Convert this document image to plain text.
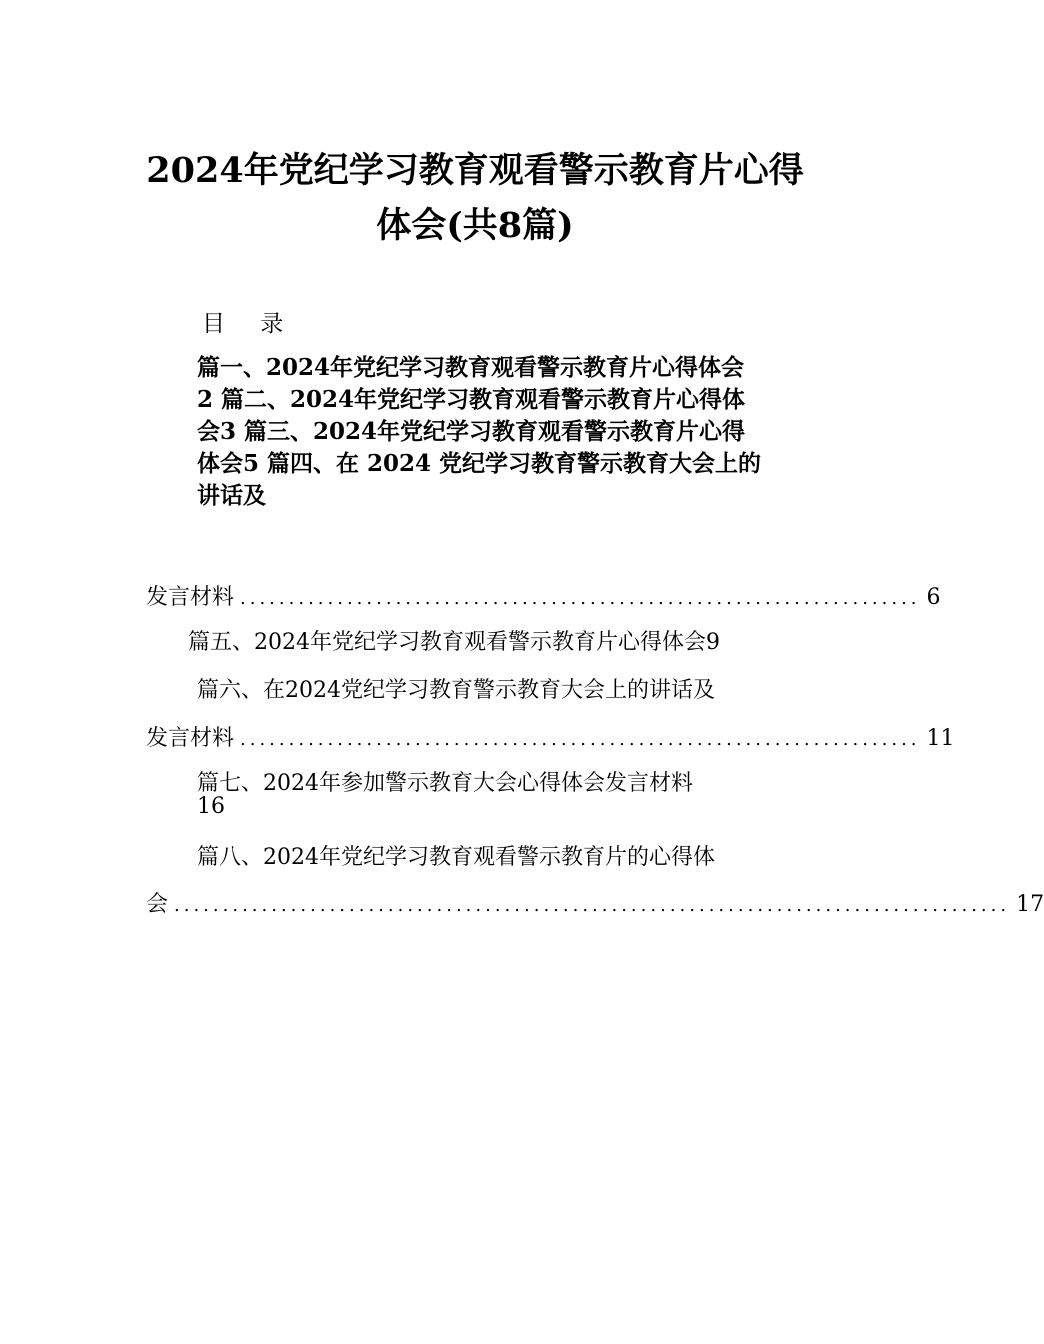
2024年党纪学习教育观看警示教育片心得
体会(共8篇)
目 录
篇一、2024年党纪学习教育观看警示教育片心得体会
2 篇二、2024年党纪学习教育观看警示教育片心得体
会3 篇三、2024年党纪学习教育观看警示教育片心得
体会5 篇四、在 2024 党纪学习教育警示教育大会上的
讲话及
发言材料 ...................................................................... 6
篇五、2024年党纪学习教育观看警示教育片心得体会9
篇六、在2024党纪学习教育警示教育大会上的讲话及
发言材料 ...................................................................... 11
篇七、2024年参加警示教育大会心得体会发言材料
16
篇八、2024年党纪学习教育观看警示教育片的心得体
会 ...................................................................................... 17
